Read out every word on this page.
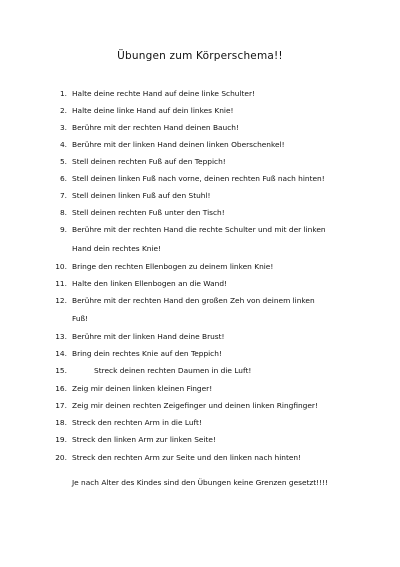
Übungen zum Körperschema!!
1. Halte deine rechte Hand auf deine linke Schulter!
2. Halte deine linke Hand auf dein linkes Knie!
3. Berühre mit der rechten Hand deinen Bauch!
4. Berühre mit der linken Hand deinen linken Oberschenkel!
5. Stell deinen rechten Fuß auf den Teppich!
6. Stell deinen linken Fuß nach vorne, deinen rechten Fuß nach hinten!
7. Stell deinen linken Fuß auf den Stuhl!
8. Stell deinen rechten Fuß unter den Tisch!
9. Berühre mit der rechten Hand die rechte Schulter und mit der linken
Hand dein rechtes Knie!
10. Bringe den rechten Ellenbogen zu deinem linken Knie!
11. Halte den linken Ellenbogen an die Wand!
12. Berühre mit der rechten Hand den großen Zeh von deinem linken
Fuß!
13. Berühre mit der linken Hand deine Brust!
14. Bring dein rechtes Knie auf den Teppich!
15.	Streck deinen rechten Daumen in die Luft!
16. Zeig mir deinen linken kleinen Finger!
17. Zeig mir deinen rechten Zeigefinger und deinen linken Ringfinger!
18. Streck den rechten Arm in die Luft!
19. Streck den linken Arm zur linken Seite!
20. Streck den rechten Arm zur Seite und den linken nach hinten!
Je nach Alter des Kindes sind den Übungen keine Grenzen gesetzt!!!!
